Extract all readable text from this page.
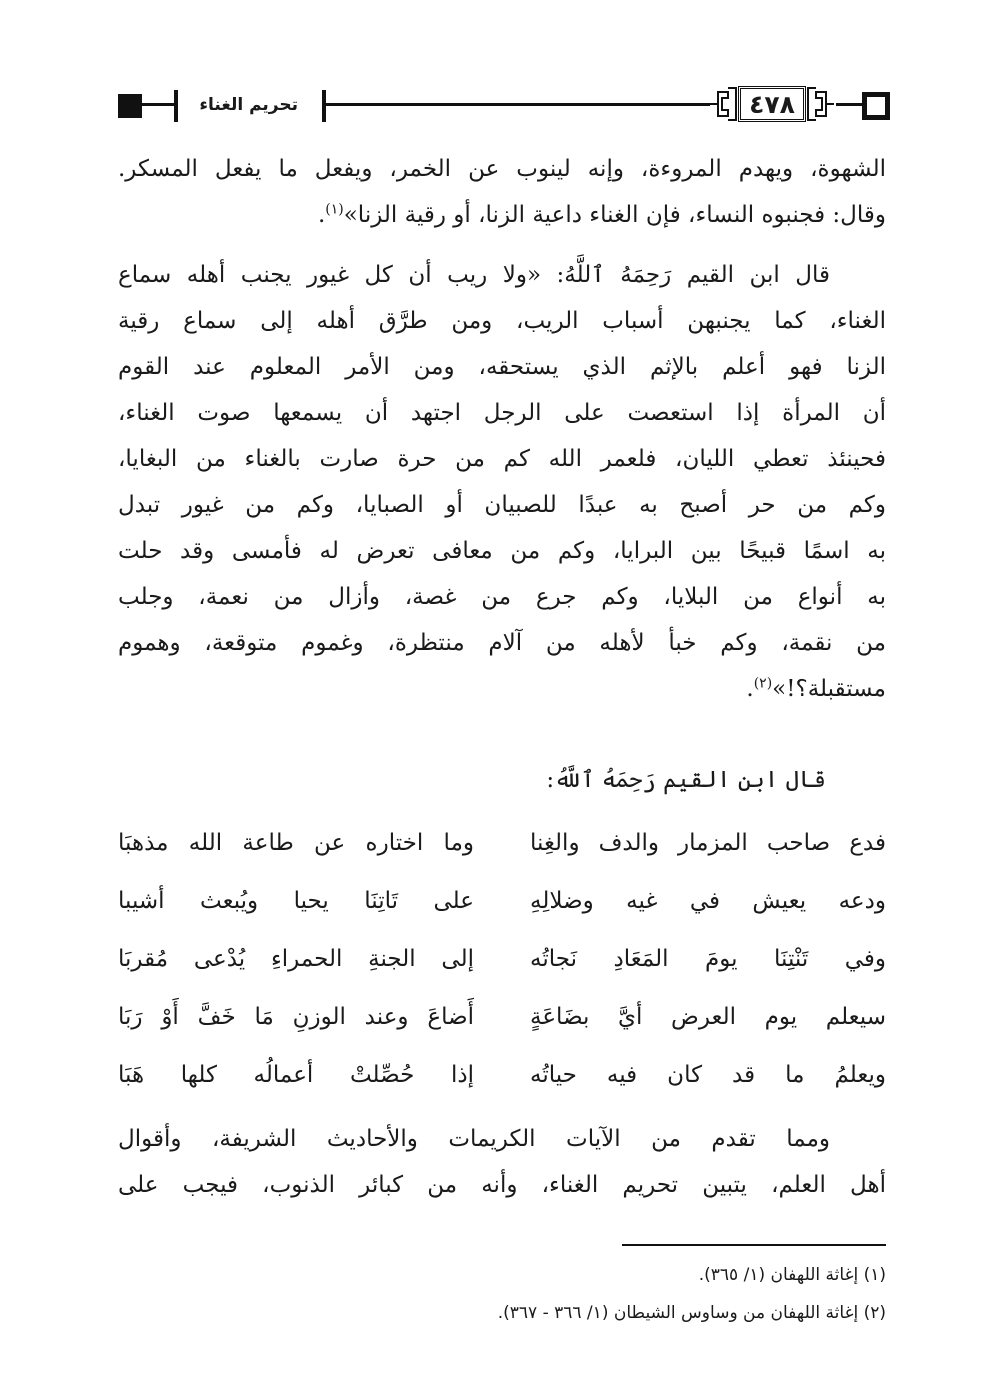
تحريم الغناء	٤٧٨
الشهوة، ويهدم المروءة، وإنه لينوب عن الخمر، ويفعل ما يفعل المسكر.
وقال: فجنبوه النساء، فإن الغناء داعية الزنا، أو رقية الزنا»$^{(١)}$.
قال ابن القيم رَحِمَهُ ٱللَّهُ: «ولا ريب أن كل غيور يجنب أهله سماع
الغناء، كما يجنبهن أسباب الريب، ومن طرَّق أهله إلى سماع رقية
الزنا فهو أعلم بالإثم الذي يستحقه، ومن الأمر المعلوم عند القوم
أن المرأة إذا استعصت على الرجل اجتهد أن يسمعها صوت الغناء،
فحينئذ تعطي الليان، فلعمر الله كم من حرة صارت بالغناء من البغايا،
وكم من حر أصبح به عبدًا للصبيان أو الصبايا، وكم من غيور تبدل
به اسمًا قبيحًا بين البرايا، وكم من معافى تعرض له فأمسى وقد حلت
به أنواع من البلايا، وكم جرع من غصة، وأزال من نعمة، وجلب
من نقمة، وكم خبأ لأهله من آلام منتظرة، وغموم متوقعة، وهموم
مستقبلة؟!»$^{(٢)}$.
قال ابن القيم رَحِمَهُ ٱللَّهُ:
فدع صاحب المزمار والدف والغِنا
وما اختاره عن طاعة الله مذهبَا
ودعه يعيش في غيه وضلالِهِ
على تَاتِنَا يحيا ويُبعث أشيبا
وفي تَنْتِنَا يومَ المَعَادِ نَجاتُه
إلى الجنةِ الحمراءِ يُدْعى مُقربَا
سيعلم يوم العرض أيَّ بضَاعَةٍ
أَضاعَ وعند الوزنِ مَا خَفَّ أَوْ رَبَا
ويعلمُ ما قد كان فيه حياتُه
إذا حُصِّلتْ أعمالُه كلها هَبَا
ومما تقدم من الآيات الكريمات والأحاديث الشريفة، وأقوال
أهل العلم، يتبين تحريم الغناء، وأنه من كبائر الذنوب، فيجب على
(١) إغاثة اللهفان (١/ ٣٦٥).
(٢) إغاثة اللهفان من وساوس الشيطان (١/ ٣٦٦ - ٣٦٧).
